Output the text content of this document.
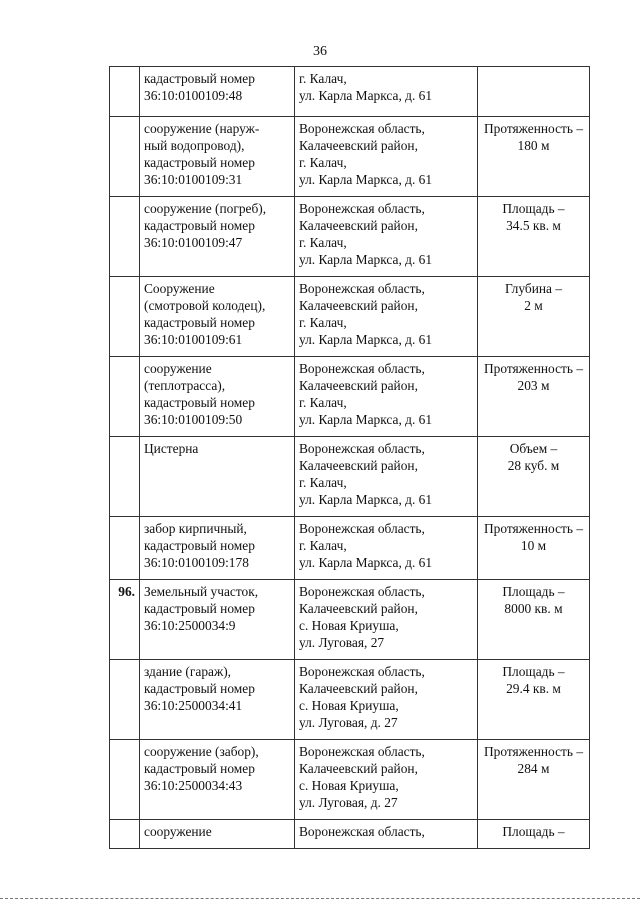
36

	кадастровый номер
36:10:0100109:48	г. Калач,
ул. Карла Маркса, д. 61	

	сооружение (наруж-
ный водопровод),
кадастровый номер
36:10:0100109:31	Воронежская область,
Калачеевский район,
г. Калач,
ул. Карла Маркса, д. 61	Протяженность –
180 м

	сооружение (погреб),
кадастровый номер
36:10:0100109:47	Воронежская область,
Калачеевский район,
г. Калач,
ул. Карла Маркса, д. 61	Площадь –
34.5 кв. м

	Сооружение
(смотровой колодец),
кадастровый номер
36:10:0100109:61	Воронежская область,
Калачеевский район,
г. Калач,
ул. Карла Маркса, д. 61	Глубина –
2 м

	сооружение
(теплотрасса),
кадастровый номер
36:10:0100109:50	Воронежская область,
Калачеевский район,
г. Калач,
ул. Карла Маркса, д. 61	Протяженность –
203 м

	Цистерна	Воронежская область,
Калачеевский район,
г. Калач,
ул. Карла Маркса, д. 61	Объем –
28 куб. м

	забор кирпичный,
кадастровый номер
36:10:0100109:178	Воронежская область,
г. Калач,
ул. Карла Маркса, д. 61	Протяженность –
10 м

96.	Земельный участок,
кадастровый номер
36:10:2500034:9	Воронежская область,
Калачеевский район,
с. Новая Криуша,
ул. Луговая, 27	Площадь –
8000 кв. м

	здание (гараж),
кадастровый номер
36:10:2500034:41	Воронежская область,
Калачеевский район,
с. Новая Криуша,
ул. Луговая, д. 27	Площадь –
29.4 кв. м

	сооружение (забор),
кадастровый номер
36:10:2500034:43	Воронежская область,
Калачеевский район,
с. Новая Криуша,
ул. Луговая, д. 27	Протяженность –
284 м

	сооружение	Воронежская область,	Площадь –
